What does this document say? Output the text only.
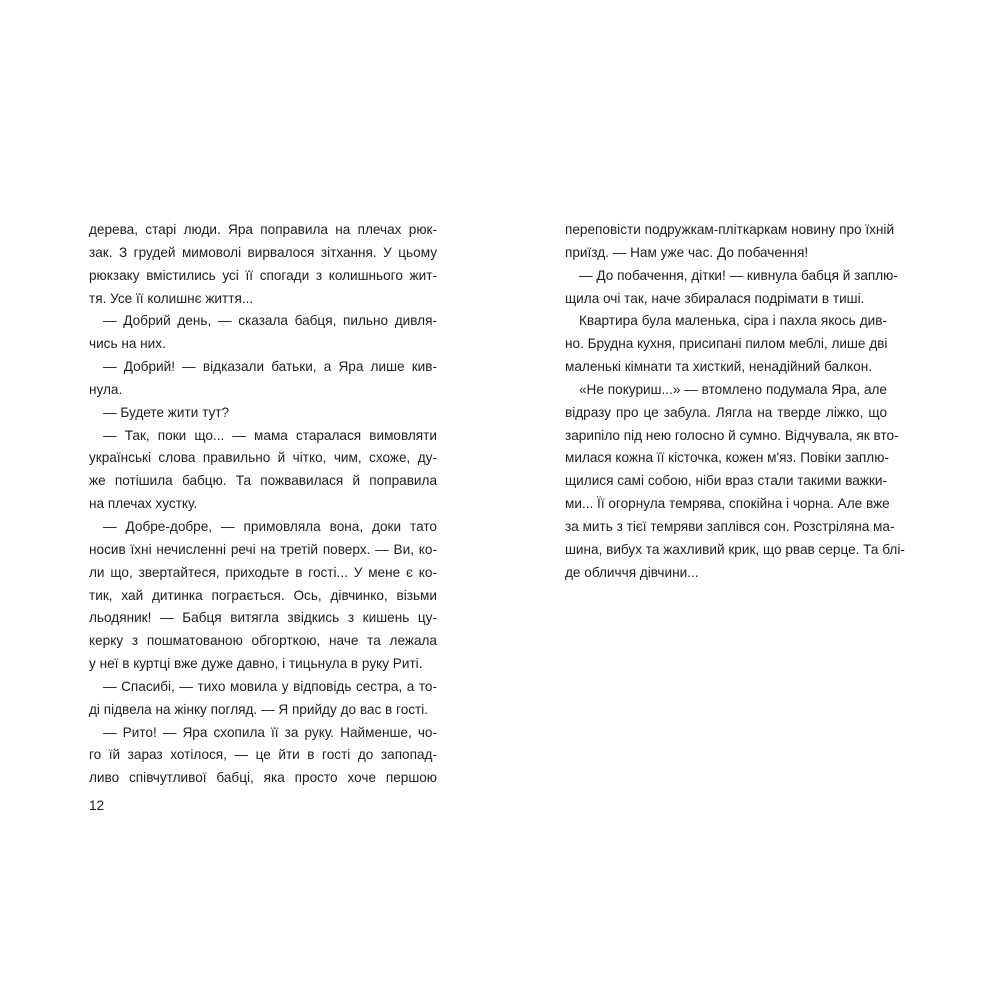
дерева, старі люди. Яра поправила на плечах рюк-
зак. З грудей мимоволі вирвалося зітхання. У цьому
рюкзаку вмістились усі її спогади з колишнього жит-
тя. Усе її колишнє життя...
— Добрий день, — сказала бабця, пильно дивля-
чись на них.
— Добрий! — відказали батьки, а Яра лише кив-
нула.
— Будете жити тут?
— Так, поки що... — мама старалася вимовляти
українські слова правильно й чітко, чим, схоже, ду-
же потішила бабцю. Та пожвавилася й поправила
на плечах хустку.
— Добре-добре, — примовляла вона, доки тато
носив їхні нечисленні речі на третій поверх. — Ви, ко-
ли що, звертайтеся, приходьте в гості... У мене є ко-
тик, хай дитинка пограється. Ось, дівчинко, візьми
льодяник! — Бабця витягла звідкись з кишень цу-
керку з пошматованою обгорткою, наче та лежала
у неї в куртці вже дуже давно, і тицьнула в руку Риті.
— Спасибі, — тихо мовила у відповідь сестра, а то-
ді підвела на жінку погляд. — Я прийду до вас в гості.
— Рито! — Яра схопила її за руку. Найменше, чо-
го їй зараз хотілося, — це йти в гості до запопад-
ливо співчутливої бабці, яка просто хоче першою
переповісти подружкам-пліткаркам новину про їхній
приїзд. — Нам уже час. До побачення!
— До побачення, дітки! — кивнула бабця й заплю-
щила очі так, наче збиралася подрімати в тиші.
Квартира була маленька, сіра і пахла якось див-
но. Брудна кухня, присипані пилом меблі, лише дві
маленькі кімнати та хисткий, ненадійний балкон.
«Не покуриш...» — втомлено подумала Яра, але
відразу про це забула. Лягла на тверде ліжко, що
зарипіло під нею голосно й сумно. Відчувала, як вто-
милася кожна її кісточка, кожен м'яз. Повіки заплю-
щилися самі собою, ніби враз стали такими важки-
ми... Її огорнула темрява, спокійна і чорна. Але вже
за мить з тієї темряви заплівся сон. Розстріляна ма-
шина, вибух та жахливий крик, що рвав серце. Та блі-
де обличчя дівчини...
12
